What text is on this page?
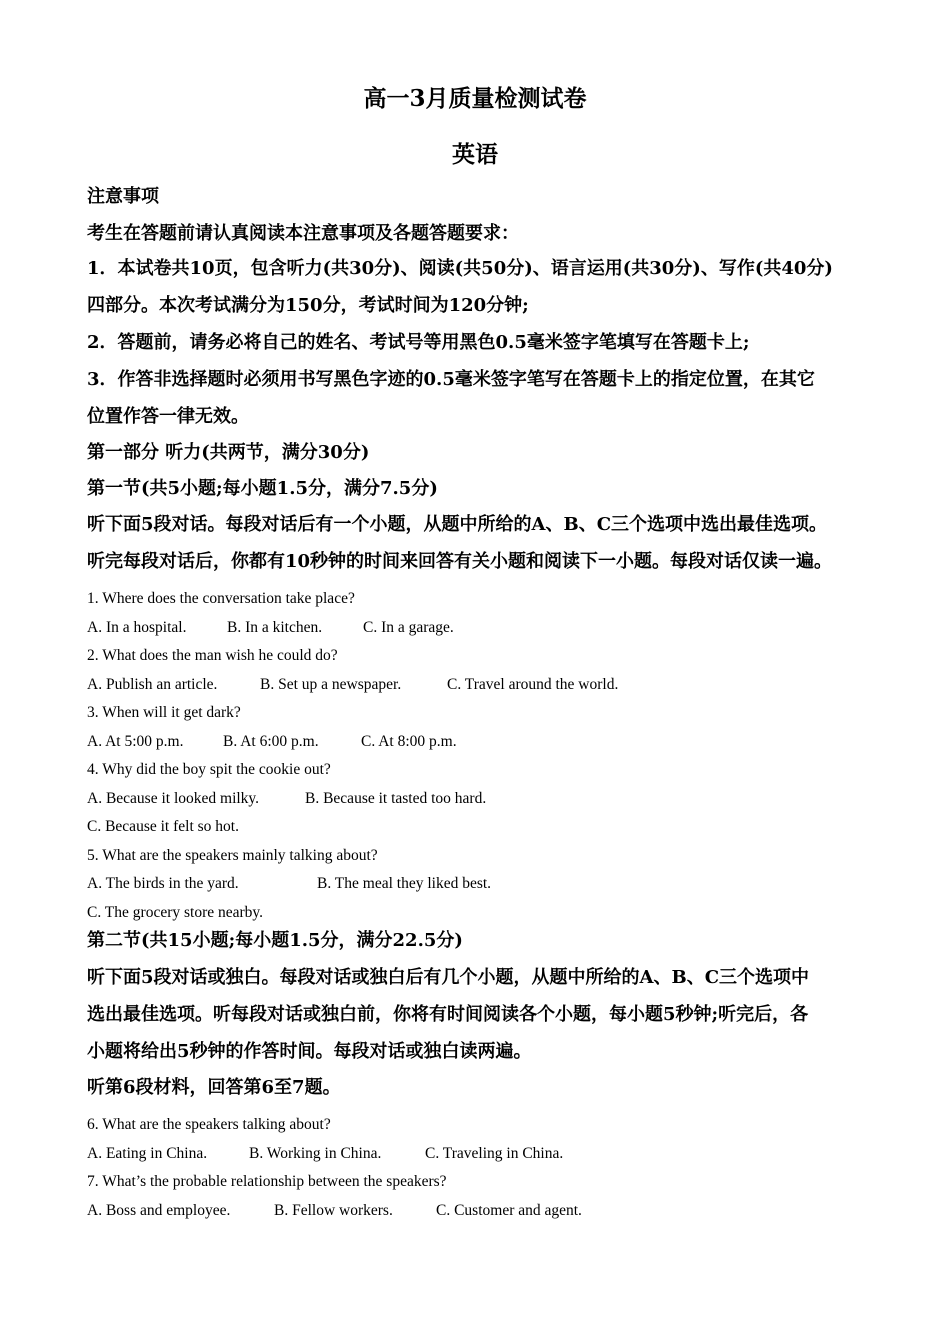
高一3月质量检测试卷
英语
注意事项
考生在答题前请认真阅读本注意事项及各题答题要求：
1．本试卷共10页，包含听力(共30分)、阅读(共50分)、语言运用(共30分)、写作(共40分)
四部分。本次考试满分为150分，考试时间为120分钟;
2．答题前，请务必将自己的姓名、考试号等用黑色0.5毫米签字笔填写在答题卡上;
3．作答非选择题时必须用书写黑色字迹的0.5毫米签字笔写在答题卡上的指定位置，在其它
位置作答一律无效。
第一部分 听力(共两节，满分30分)
第一节(共5小题;每小题1.5分，满分7.5分)
听下面5段对话。每段对话后有一个小题，从题中所给的A、B、C三个选项中选出最佳选项。
听完每段对话后，你都有10秒钟的时间来回答有关小题和阅读下一小题。每段对话仅读一遍。
1. Where does the conversation take place?
A. In a hospital.	B. In a kitchen.	C. In a garage.
2. What does the man wish he could do?
A. Publish an article.	B. Set up a newspaper.	C. Travel around the world.
3. When will it get dark?
A. At 5:00 p.m.	B. At 6:00 p.m.	C. At 8:00 p.m.
4. Why did the boy spit the cookie out?
A. Because it looked milky.	B. Because it tasted too hard.
C. Because it felt so hot.
5. What are the speakers mainly talking about?
A. The birds in the yard.	B. The meal they liked best.
C. The grocery store nearby.
第二节(共15小题;每小题1.5分，满分22.5分)
听下面5段对话或独白。每段对话或独白后有几个小题，从题中所给的A、B、C三个选项中
选出最佳选项。听每段对话或独白前，你将有时间阅读各个小题，每小题5秒钟;听完后，各
小题将给出5秒钟的作答时间。每段对话或独白读两遍。
听第6段材料，回答第6至7题。
6. What are the speakers talking about?
A. Eating in China.	B. Working in China.	C. Traveling in China.
7. What’s the probable relationship between the speakers?
A. Boss and employee.	B. Fellow workers.	C. Customer and agent.
